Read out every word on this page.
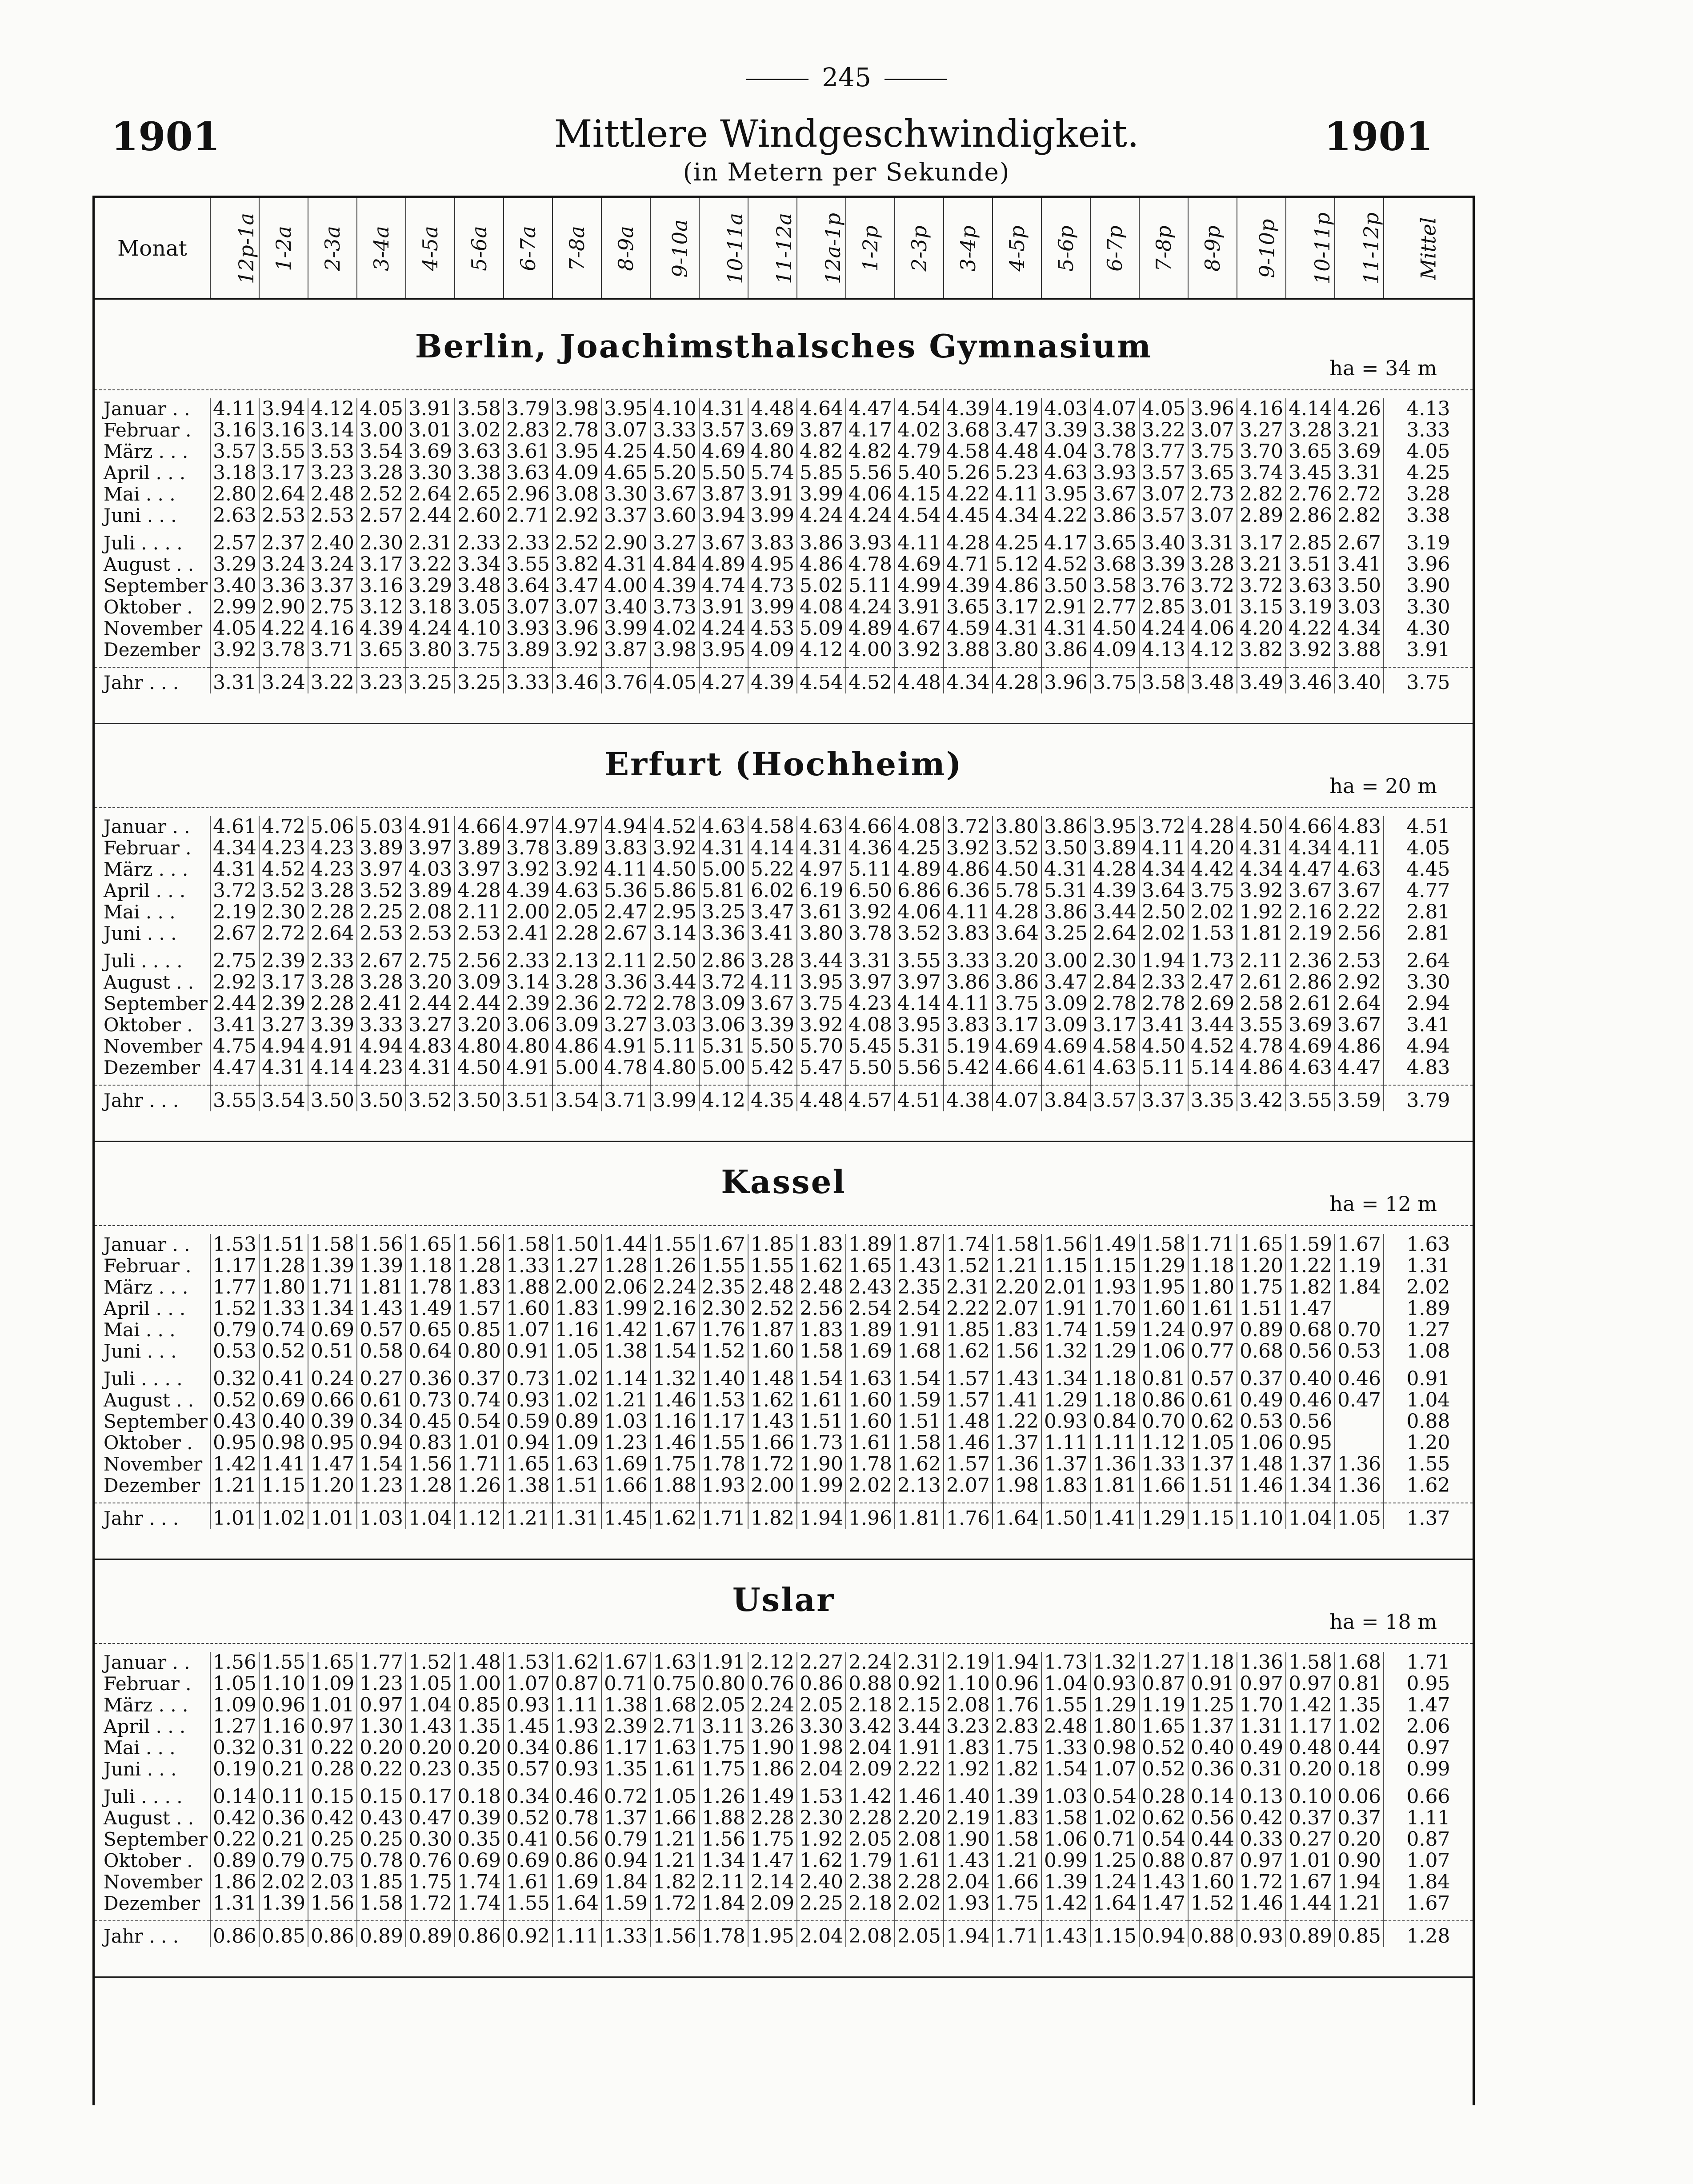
245
1901	Mittlere Windgeschwindigkeit.	1901
(in Metern per Sekunde)
Monat	12p-1a	1-2a	2-3a	3-4a	4-5a	5-6a	6-7a	7-8a	8-9a	9-10a	10-11a	11-12a	12a-1p	1-2p	2-3p	3-4p	4-5p	5-6p	6-7p	7-8p	8-9p	9-10p	10-11p	11-12p	Mittel
Berlin, Joachimsthalsches Gymnasium
ha = 34 m
Januar . .	4.11	3.94	4.12	4.05	3.91	3.58	3.79	3.98	3.95	4.10	4.31	4.48	4.64	4.47	4.54	4.39	4.19	4.03	4.07	4.05	3.96	4.16	4.14	4.26	4.13
Februar .	3.16	3.16	3.14	3.00	3.01	3.02	2.83	2.78	3.07	3.33	3.57	3.69	3.87	4.17	4.02	3.68	3.47	3.39	3.38	3.22	3.07	3.27	3.28	3.21	3.33
März . . .	3.57	3.55	3.53	3.54	3.69	3.63	3.61	3.95	4.25	4.50	4.69	4.80	4.82	4.82	4.79	4.58	4.48	4.04	3.78	3.77	3.75	3.70	3.65	3.69	4.05
April . . .	3.18	3.17	3.23	3.28	3.30	3.38	3.63	4.09	4.65	5.20	5.50	5.74	5.85	5.56	5.40	5.26	5.23	4.63	3.93	3.57	3.65	3.74	3.45	3.31	4.25
Mai . . .	2.80	2.64	2.48	2.52	2.64	2.65	2.96	3.08	3.30	3.67	3.87	3.91	3.99	4.06	4.15	4.22	4.11	3.95	3.67	3.07	2.73	2.82	2.76	2.72	3.28
Juni . . .	2.63	2.53	2.53	2.57	2.44	2.60	2.71	2.92	3.37	3.60	3.94	3.99	4.24	4.24	4.54	4.45	4.34	4.22	3.86	3.57	3.07	2.89	2.86	2.82	3.38

Juli . . . .	2.57	2.37	2.40	2.30	2.31	2.33	2.33	2.52	2.90	3.27	3.67	3.83	3.86	3.93	4.11	4.28	4.25	4.17	3.65	3.40	3.31	3.17	2.85	2.67	3.19
August . .	3.29	3.24	3.24	3.17	3.22	3.34	3.55	3.82	4.31	4.84	4.89	4.95	4.86	4.78	4.69	4.71	5.12	4.52	3.68	3.39	3.28	3.21	3.51	3.41	3.96
September	3.40	3.36	3.37	3.16	3.29	3.48	3.64	3.47	4.00	4.39	4.74	4.73	5.02	5.11	4.99	4.39	4.86	3.50	3.58	3.76	3.72	3.72	3.63	3.50	3.90
Oktober .	2.99	2.90	2.75	3.12	3.18	3.05	3.07	3.07	3.40	3.73	3.91	3.99	4.08	4.24	3.91	3.65	3.17	2.91	2.77	2.85	3.01	3.15	3.19	3.03	3.30
November	4.05	4.22	4.16	4.39	4.24	4.10	3.93	3.96	3.99	4.02	4.24	4.53	5.09	4.89	4.67	4.59	4.31	4.31	4.50	4.24	4.06	4.20	4.22	4.34	4.30
Dezember	3.92	3.78	3.71	3.65	3.80	3.75	3.89	3.92	3.87	3.98	3.95	4.09	4.12	4.00	3.92	3.88	3.80	3.86	4.09	4.13	4.12	3.82	3.92	3.88	3.91

Jahr . . .	3.31	3.24	3.22	3.23	3.25	3.25	3.33	3.46	3.76	4.05	4.27	4.39	4.54	4.52	4.48	4.34	4.28	3.96	3.75	3.58	3.48	3.49	3.46	3.40	3.75
Erfurt (Hochheim)
ha = 20 m
Januar . .	4.61	4.72	5.06	5.03	4.91	4.66	4.97	4.97	4.94	4.52	4.63	4.58	4.63	4.66	4.08	3.72	3.80	3.86	3.95	3.72	4.28	4.50	4.66	4.83	4.51
Februar .	4.34	4.23	4.23	3.89	3.97	3.89	3.78	3.89	3.83	3.92	4.31	4.14	4.31	4.36	4.25	3.92	3.52	3.50	3.89	4.11	4.20	4.31	4.34	4.11	4.05
März . . .	4.31	4.52	4.23	3.97	4.03	3.97	3.92	3.92	4.11	4.50	5.00	5.22	4.97	5.11	4.89	4.86	4.50	4.31	4.28	4.34	4.42	4.34	4.47	4.63	4.45
April . . .	3.72	3.52	3.28	3.52	3.89	4.28	4.39	4.63	5.36	5.86	5.81	6.02	6.19	6.50	6.86	6.36	5.78	5.31	4.39	3.64	3.75	3.92	3.67	3.67	4.77
Mai . . .	2.19	2.30	2.28	2.25	2.08	2.11	2.00	2.05	2.47	2.95	3.25	3.47	3.61	3.92	4.06	4.11	4.28	3.86	3.44	2.50	2.02	1.92	2.16	2.22	2.81
Juni . . .	2.67	2.72	2.64	2.53	2.53	2.53	2.41	2.28	2.67	3.14	3.36	3.41	3.80	3.78	3.52	3.83	3.64	3.25	2.64	2.02	1.53	1.81	2.19	2.56	2.81

Juli . . . .	2.75	2.39	2.33	2.67	2.75	2.56	2.33	2.13	2.11	2.50	2.86	3.28	3.44	3.31	3.55	3.33	3.20	3.00	2.30	1.94	1.73	2.11	2.36	2.53	2.64
August . .	2.92	3.17	3.28	3.28	3.20	3.09	3.14	3.28	3.36	3.44	3.72	4.11	3.95	3.97	3.97	3.86	3.86	3.47	2.84	2.33	2.47	2.61	2.86	2.92	3.30
September	2.44	2.39	2.28	2.41	2.44	2.44	2.39	2.36	2.72	2.78	3.09	3.67	3.75	4.23	4.14	4.11	3.75	3.09	2.78	2.78	2.69	2.58	2.61	2.64	2.94
Oktober .	3.41	3.27	3.39	3.33	3.27	3.20	3.06	3.09	3.27	3.03	3.06	3.39	3.92	4.08	3.95	3.83	3.17	3.09	3.17	3.41	3.44	3.55	3.69	3.67	3.41
November	4.75	4.94	4.91	4.94	4.83	4.80	4.80	4.86	4.91	5.11	5.31	5.50	5.70	5.45	5.31	5.19	4.69	4.69	4.58	4.50	4.52	4.78	4.69	4.86	4.94
Dezember	4.47	4.31	4.14	4.23	4.31	4.50	4.91	5.00	4.78	4.80	5.00	5.42	5.47	5.50	5.56	5.42	4.66	4.61	4.63	5.11	5.14	4.86	4.63	4.47	4.83

Jahr . . .	3.55	3.54	3.50	3.50	3.52	3.50	3.51	3.54	3.71	3.99	4.12	4.35	4.48	4.57	4.51	4.38	4.07	3.84	3.57	3.37	3.35	3.42	3.55	3.59	3.79
Kassel
ha = 12 m
Januar . .	1.53	1.51	1.58	1.56	1.65	1.56	1.58	1.50	1.44	1.55	1.67	1.85	1.83	1.89	1.87	1.74	1.58	1.56	1.49	1.58	1.71	1.65	1.59	1.67	1.63
Februar .	1.17	1.28	1.39	1.39	1.18	1.28	1.33	1.27	1.28	1.26	1.55	1.55	1.62	1.65	1.43	1.52	1.21	1.15	1.15	1.29	1.18	1.20	1.22	1.19	1.31
März . . .	1.77	1.80	1.71	1.81	1.78	1.83	1.88	2.00	2.06	2.24	2.35	2.48	2.48	2.43	2.35	2.31	2.20	2.01	1.93	1.95	1.80	1.75	1.82	1.84	2.02
April . . .	1.52	1.33	1.34	1.43	1.49	1.57	1.60	1.83	1.99	2.16	2.30	2.52	2.56	2.54	2.54	2.22	2.07	1.91	1.70	1.60	1.61	1.51	1.47		1.89
Mai . . .	0.79	0.74	0.69	0.57	0.65	0.85	1.07	1.16	1.42	1.67	1.76	1.87	1.83	1.89	1.91	1.85	1.83	1.74	1.59	1.24	0.97	0.89	0.68	0.70	1.27
Juni . . .	0.53	0.52	0.51	0.58	0.64	0.80	0.91	1.05	1.38	1.54	1.52	1.60	1.58	1.69	1.68	1.62	1.56	1.32	1.29	1.06	0.77	0.68	0.56	0.53	1.08

Juli . . . .	0.32	0.41	0.24	0.27	0.36	0.37	0.73	1.02	1.14	1.32	1.40	1.48	1.54	1.63	1.54	1.57	1.43	1.34	1.18	0.81	0.57	0.37	0.40	0.46	0.91
August . .	0.52	0.69	0.66	0.61	0.73	0.74	0.93	1.02	1.21	1.46	1.53	1.62	1.61	1.60	1.59	1.57	1.41	1.29	1.18	0.86	0.61	0.49	0.46	0.47	1.04
September	0.43	0.40	0.39	0.34	0.45	0.54	0.59	0.89	1.03	1.16	1.17	1.43	1.51	1.60	1.51	1.48	1.22	0.93	0.84	0.70	0.62	0.53	0.56		0.88
Oktober .	0.95	0.98	0.95	0.94	0.83	1.01	0.94	1.09	1.23	1.46	1.55	1.66	1.73	1.61	1.58	1.46	1.37	1.11	1.11	1.12	1.05	1.06	0.95		1.20
November	1.42	1.41	1.47	1.54	1.56	1.71	1.65	1.63	1.69	1.75	1.78	1.72	1.90	1.78	1.62	1.57	1.36	1.37	1.36	1.33	1.37	1.48	1.37	1.36	1.55
Dezember	1.21	1.15	1.20	1.23	1.28	1.26	1.38	1.51	1.66	1.88	1.93	2.00	1.99	2.02	2.13	2.07	1.98	1.83	1.81	1.66	1.51	1.46	1.34	1.36	1.62

Jahr . . .	1.01	1.02	1.01	1.03	1.04	1.12	1.21	1.31	1.45	1.62	1.71	1.82	1.94	1.96	1.81	1.76	1.64	1.50	1.41	1.29	1.15	1.10	1.04	1.05	1.37
Uslar
ha = 18 m
Januar . .	1.56	1.55	1.65	1.77	1.52	1.48	1.53	1.62	1.67	1.63	1.91	2.12	2.27	2.24	2.31	2.19	1.94	1.73	1.32	1.27	1.18	1.36	1.58	1.68	1.71
Februar .	1.05	1.10	1.09	1.23	1.05	1.00	1.07	0.87	0.71	0.75	0.80	0.76	0.86	0.88	0.92	1.10	0.96	1.04	0.93	0.87	0.91	0.97	0.97	0.81	0.95
März . . .	1.09	0.96	1.01	0.97	1.04	0.85	0.93	1.11	1.38	1.68	2.05	2.24	2.05	2.18	2.15	2.08	1.76	1.55	1.29	1.19	1.25	1.70	1.42	1.35	1.47
April . . .	1.27	1.16	0.97	1.30	1.43	1.35	1.45	1.93	2.39	2.71	3.11	3.26	3.30	3.42	3.44	3.23	2.83	2.48	1.80	1.65	1.37	1.31	1.17	1.02	2.06
Mai . . .	0.32	0.31	0.22	0.20	0.20	0.20	0.34	0.86	1.17	1.63	1.75	1.90	1.98	2.04	1.91	1.83	1.75	1.33	0.98	0.52	0.40	0.49	0.48	0.44	0.97
Juni . . .	0.19	0.21	0.28	0.22	0.23	0.35	0.57	0.93	1.35	1.61	1.75	1.86	2.04	2.09	2.22	1.92	1.82	1.54	1.07	0.52	0.36	0.31	0.20	0.18	0.99

Juli . . . .	0.14	0.11	0.15	0.15	0.17	0.18	0.34	0.46	0.72	1.05	1.26	1.49	1.53	1.42	1.46	1.40	1.39	1.03	0.54	0.28	0.14	0.13	0.10	0.06	0.66
August . .	0.42	0.36	0.42	0.43	0.47	0.39	0.52	0.78	1.37	1.66	1.88	2.28	2.30	2.28	2.20	2.19	1.83	1.58	1.02	0.62	0.56	0.42	0.37	0.37	1.11
September	0.22	0.21	0.25	0.25	0.30	0.35	0.41	0.56	0.79	1.21	1.56	1.75	1.92	2.05	2.08	1.90	1.58	1.06	0.71	0.54	0.44	0.33	0.27	0.20	0.87
Oktober .	0.89	0.79	0.75	0.78	0.76	0.69	0.69	0.86	0.94	1.21	1.34	1.47	1.62	1.79	1.61	1.43	1.21	0.99	1.25	0.88	0.87	0.97	1.01	0.90	1.07
November	1.86	2.02	2.03	1.85	1.75	1.74	1.61	1.69	1.84	1.82	2.11	2.14	2.40	2.38	2.28	2.04	1.66	1.39	1.24	1.43	1.60	1.72	1.67	1.94	1.84
Dezember	1.31	1.39	1.56	1.58	1.72	1.74	1.55	1.64	1.59	1.72	1.84	2.09	2.25	2.18	2.02	1.93	1.75	1.42	1.64	1.47	1.52	1.46	1.44	1.21	1.67

Jahr . . .	0.86	0.85	0.86	0.89	0.89	0.86	0.92	1.11	1.33	1.56	1.78	1.95	2.04	2.08	2.05	1.94	1.71	1.43	1.15	0.94	0.88	0.93	0.89	0.85	1.28
